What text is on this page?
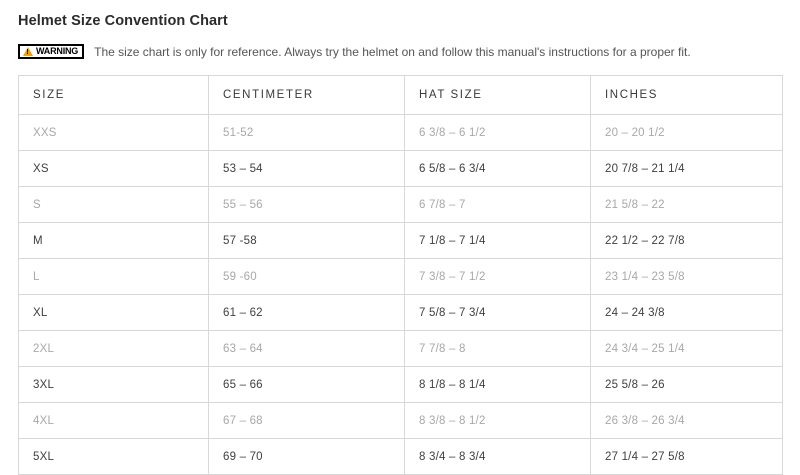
Helmet Size Convention Chart
!
WARNING The size chart is only for reference. Always try the helmet on and follow this manual's instructions for a proper fit.
SIZE	CENTIMETER	HAT SIZE	INCHES
XXS	51-52	6 3/8 – 6 1/2	20 – 20 1/2
XS	53 – 54	6 5/8 – 6 3/4	20 7/8 – 21 1/4
S	55 – 56	6 7/8 – 7	21 5/8 – 22
M	57 -58	7 1/8 – 7 1/4	22 1/2 – 22 7/8
L	59 -60	7 3/8 – 7 1/2	23 1/4 – 23 5/8
XL	61 – 62	7 5/8 – 7 3/4	24 – 24 3/8
2XL	63 – 64	7 7/8 – 8	24 3/4 – 25 1/4
3XL	65 – 66	8 1/8 – 8 1/4	25 5/8 – 26
4XL	67 – 68	8 3/8 – 8 1/2	26 3/8 – 26 3/4
5XL	69 – 70	8 3/4 – 8 3/4	27 1/4 – 27 5/8
